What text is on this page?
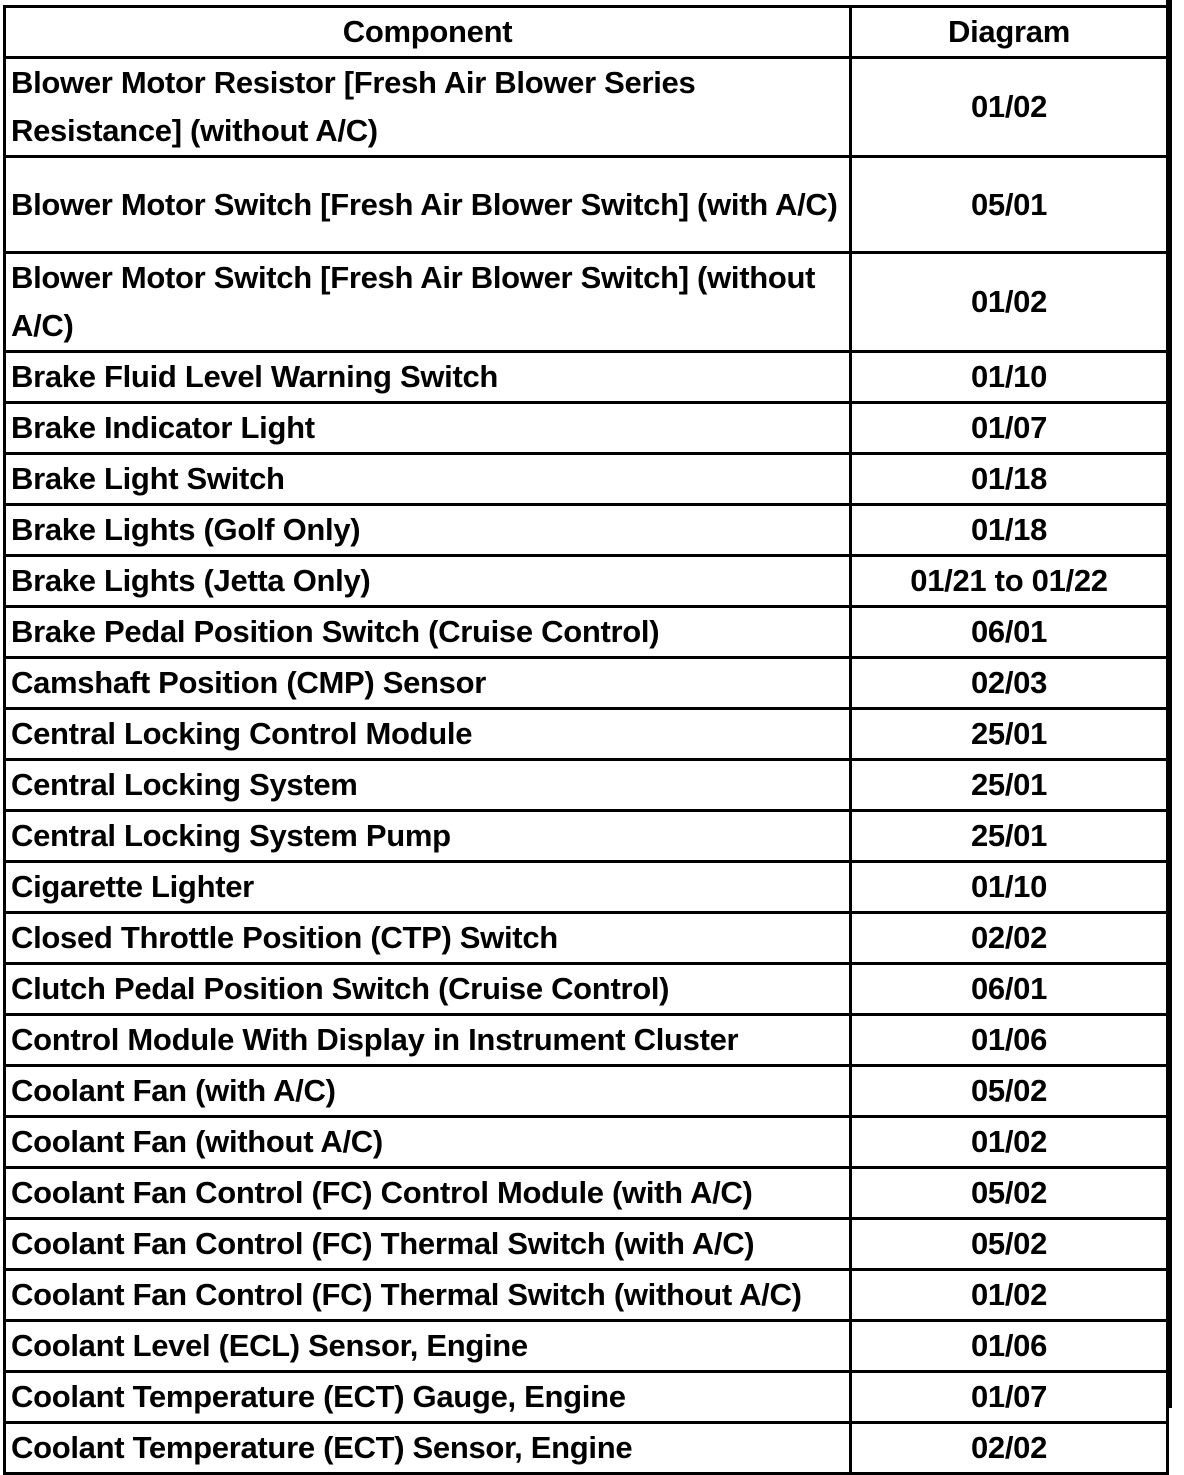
Component	Diagram
Blower Motor Resistor [Fresh Air Blower Series Resistance] (without A/C)	01/02
Blower Motor Switch [Fresh Air Blower Switch] (with A/C)	05/01
Blower Motor Switch [Fresh Air Blower Switch] (without A/C)	01/02
Brake Fluid Level Warning Switch	01/10
Brake Indicator Light	01/07
Brake Light Switch	01/18
Brake Lights (Golf Only)	01/18
Brake Lights (Jetta Only)	01/21 to 01/22
Brake Pedal Position Switch (Cruise Control)	06/01
Camshaft Position (CMP) Sensor	02/03
Central Locking Control Module	25/01
Central Locking System	25/01
Central Locking System Pump	25/01
Cigarette Lighter	01/10
Closed Throttle Position (CTP) Switch	02/02
Clutch Pedal Position Switch (Cruise Control)	06/01
Control Module With Display in Instrument Cluster	01/06
Coolant Fan (with A/C)	05/02
Coolant Fan (without A/C)	01/02
Coolant Fan Control (FC) Control Module (with A/C)	05/02
Coolant Fan Control (FC) Thermal Switch (with A/C)	05/02
Coolant Fan Control (FC) Thermal Switch (without A/C)	01/02
Coolant Level (ECL) Sensor, Engine	01/06
Coolant Temperature (ECT) Gauge, Engine	01/07
Coolant Temperature (ECT) Sensor, Engine	02/02
